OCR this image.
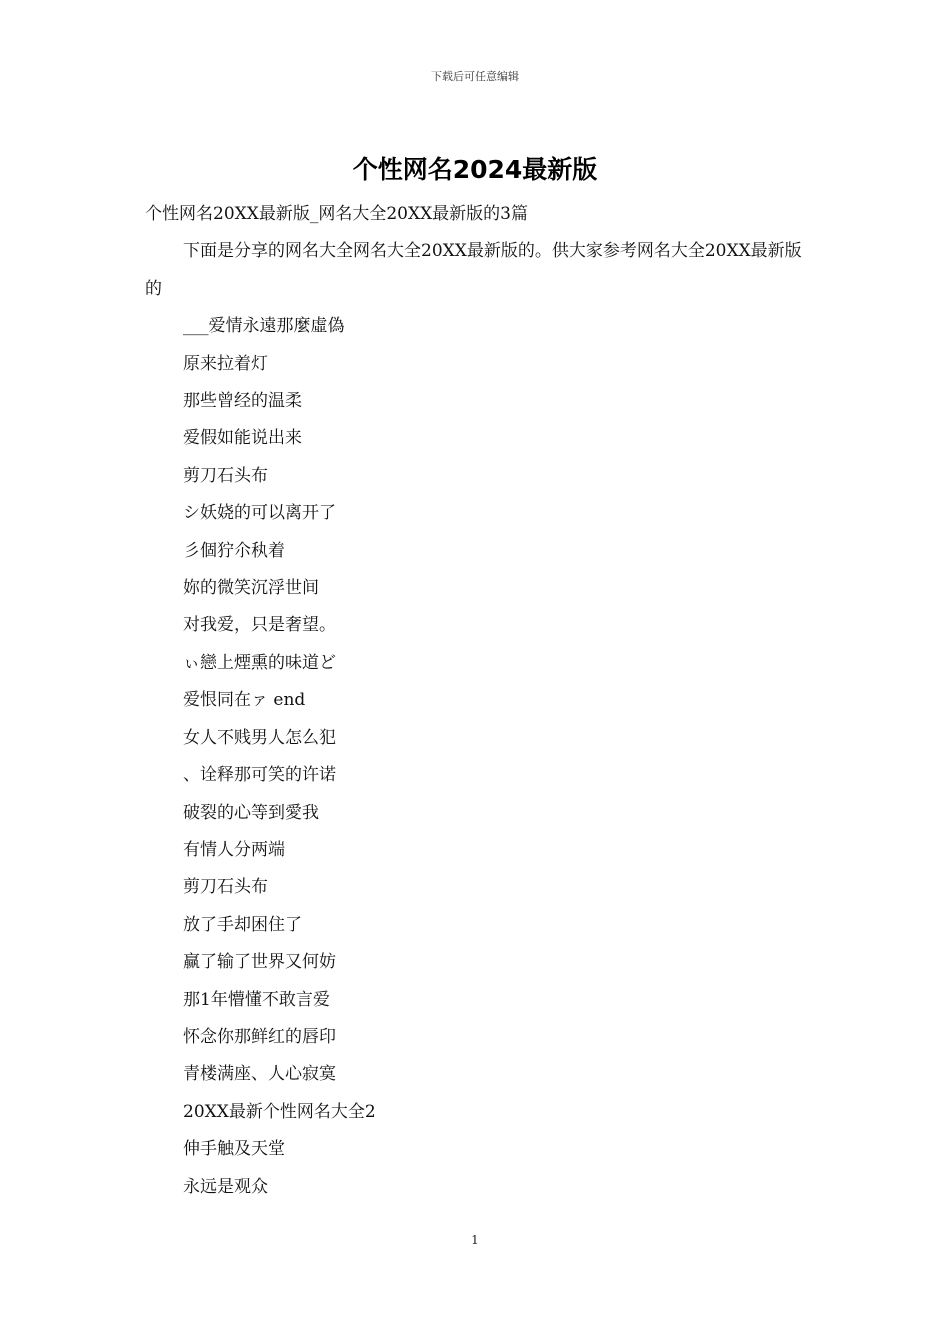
下载后可任意编辑
个性网名2024最新版

个性网名20XX最新版_网名大全20XX最新版的3篇

下面是分享的网名大全网名大全20XX最新版的。供大家参考网名大全20XX最新版的

___爱情永遠那麼虛偽

原来拉着灯

那些曾经的温柔

爱假如能说出来

剪刀石头布

シ妖娆的可以离开了

彡個狞尒秇着

妳的微笑沉浮世间

对我爱，只是奢望。

ぃ戀上煙熏的味道ど

爱恨同在ァ end

女人不贱男人怎么犯

、诠释那可笑的许诺

破裂的心等到愛我

有情人分两端

剪刀石头布

放了手却困住了

赢了输了世界又何妨

那1年懵懂不敢言爱

怀念你那鲜红的唇印

青楼满座、人心寂寞

20XX最新个性网名大全2

伸手触及天堂

永远是观众

1
